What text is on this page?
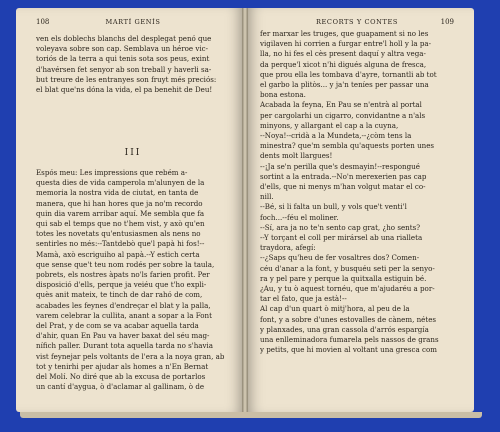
108	MARTÍ GENÍS
ven els doblechs blanchs del desplegat penó que
voleyava sobre son cap. Semblava un héroe vic-
toriós de la terra a qui tenis sota sos peus, exint
d'havérsen fet senyor ab son treball y haverli sa-
but treure de les entranyes son fruyt més preciós:
el blat que'ns dóna la vida, el pa benehit de Deu!
III
Espós meu: Les impressions que rebém a-
questa dies de vida camperola m'alunyen de la
memoria la nostra vida de ciutat, en tanta de
manera, que hi han hores que ja no'm recordo
quin dia varem arribar aquí. Me sembla que fa
qui sab el temps que no t'hem vist, y axò qu'en
totes les novetats qu'entusiasmen als nens no
sentirles no més:--Tantdebò que'l papà hi fos!--
Mamà, axò escriguiho al papà.--Y estich certa
que sense que't teu nom rodés per sobre la taula,
pobrets, els nostres àpats no'ls farien profit. Per
disposició d'ells, perque ja veiéu que t'ho expli-
quès anit mateix, te tinch de dar rahó de com,
acabades les feynes d'endreçar el blat y la palla,
varem celebrar la cullita, anant a sopar a la Font
del Prat, y de com se va acabar aquella tarda
d'ahir, quan En Pau va haver baxat del séu mag-
nífich paller. Durant tota aquella tarda no s'havia
vist feynejar pels voltants de l'era a la noya gran, ab
tot y tenirhi per ajudar als homes a n'En Bernat
del Molí. No diré que ab la excusa de portarlos
un cantí d'aygua, ò d'aclamar al gallinam, ò de
RECORTS Y CONTES	109
fer marxar les truges, que guapament si no les
vigilaven hi corrien a furgar entre'l holl y la pa-
lla, no hi fes el cès present daquí y altra vega-
da perque'l xicot n'hi digués alguna de fresca,
que prou ella les tombava d'ayre, tornantli ab tot
el garbo la plitòs... y ja'n teníes per passar una
bona estona.
Acabada la feyna, En Pau se n'entrà al portal
per cargolarhi un cigarro, convidantne a n'als
minyons, y allargant el cap a la cuyna,
--Noya!--cridà a la Mundeta,--¿còm tens la
minestra? que'm sembla qu'aquests porten unes
dents molt llargues!
--¡Ja se'n perilla que's desmayin!--respongué
sortint a la entrada.--No'n merexerien pas cap
d'ells, que ni menys m'han volgut matar el co-
nill.
--Bé, si li falta un bull, y vols que't venti'l
foch...--féu el moliner.
--Sí, ara ja no te'n sento cap grat, ¿ho sents?
--Y torçant el coll per mirársel ab una rialleta
traydora, afegí:
--¿Saps qu'heu de fer vosaltres dos? Comen-
céu d'anar a la font, y busquéu seti per la senyo-
ra y pel pare y perque la quitxalla estiguin bé.
¿Au, y tu ò aquest tornéu, que m'ajudaréu a por-
tar el fato, que ja està!--
Al cap d'un quart ò mitj'hora, al peu de la
font, y a sobre d'unes estovalles de cànem, nétes
y planxades, una gran cassola d'arrós espargía
una enlleminadora fumarela pels nassos de grans
y petits, que hi movien al voltant una gresca com
